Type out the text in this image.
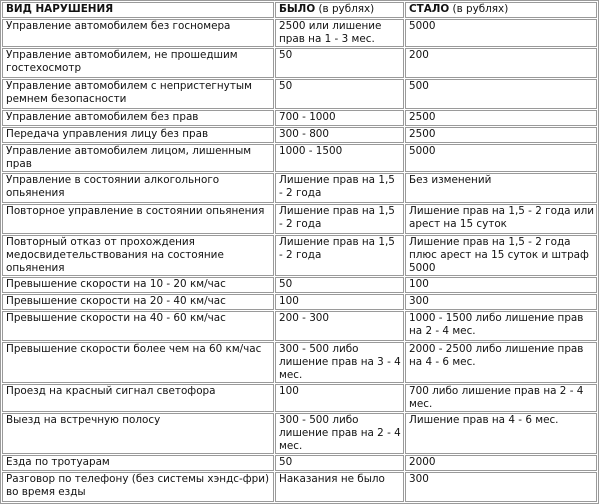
ВИД НАРУШЕНИЯ	БЫЛО (в рублях)	СТАЛО (в рублях)
Управление автомобилем без госномера	2500 или лишение прав на 1 - 3 мес.	5000
Управление автомобилем, не прошедшим гостехосмотр	50	200
Управление автомобилем с непристегнутым ремнем безопасности	50	500
Управление автомобилем без прав	700 - 1000	2500
Передача управления лицу без прав	300 - 800	2500
Управление автомобилем лицом, лишенным прав	1000 - 1500	5000
Управление в состоянии алкогольного опьянения	Лишение прав на 1,5 - 2 года	Без изменений
Повторное управление в состоянии опьянения	Лишение прав на 1,5 - 2 года	Лишение прав на 1,5 - 2 года или арест на 15 суток
Повторный отказ от прохождения медосвидетельствования на состояние опьянения	Лишение прав на 1,5 - 2 года	Лишение прав на 1,5 - 2 года плюс арест на 15 суток и штраф 5000
Превышение скорости на 10 - 20 км/час	50	100
Превышение скорости на 20 - 40 км/час	100	300
Превышение скорости на 40 - 60 км/час	200 - 300	1000 - 1500 либо лишение прав на 2 - 4 мес.
Превышение скорости более чем на 60 км/час	300 - 500 либо лишение прав на 3 - 4 мес.	2000 - 2500 либо лишение прав на 4 - 6 мес.
Проезд на красный сигнал светофора	100	700 либо лишение прав на 2 - 4 мес.
Выезд на встречную полосу	300 - 500 либо лишение прав на 2 - 4 мес.	Лишение прав на 4 - 6 мес.
Езда по тротуарам	50	2000
Разговор по телефону (без системы хэндс-фри) во время езды	Наказания не было	300
